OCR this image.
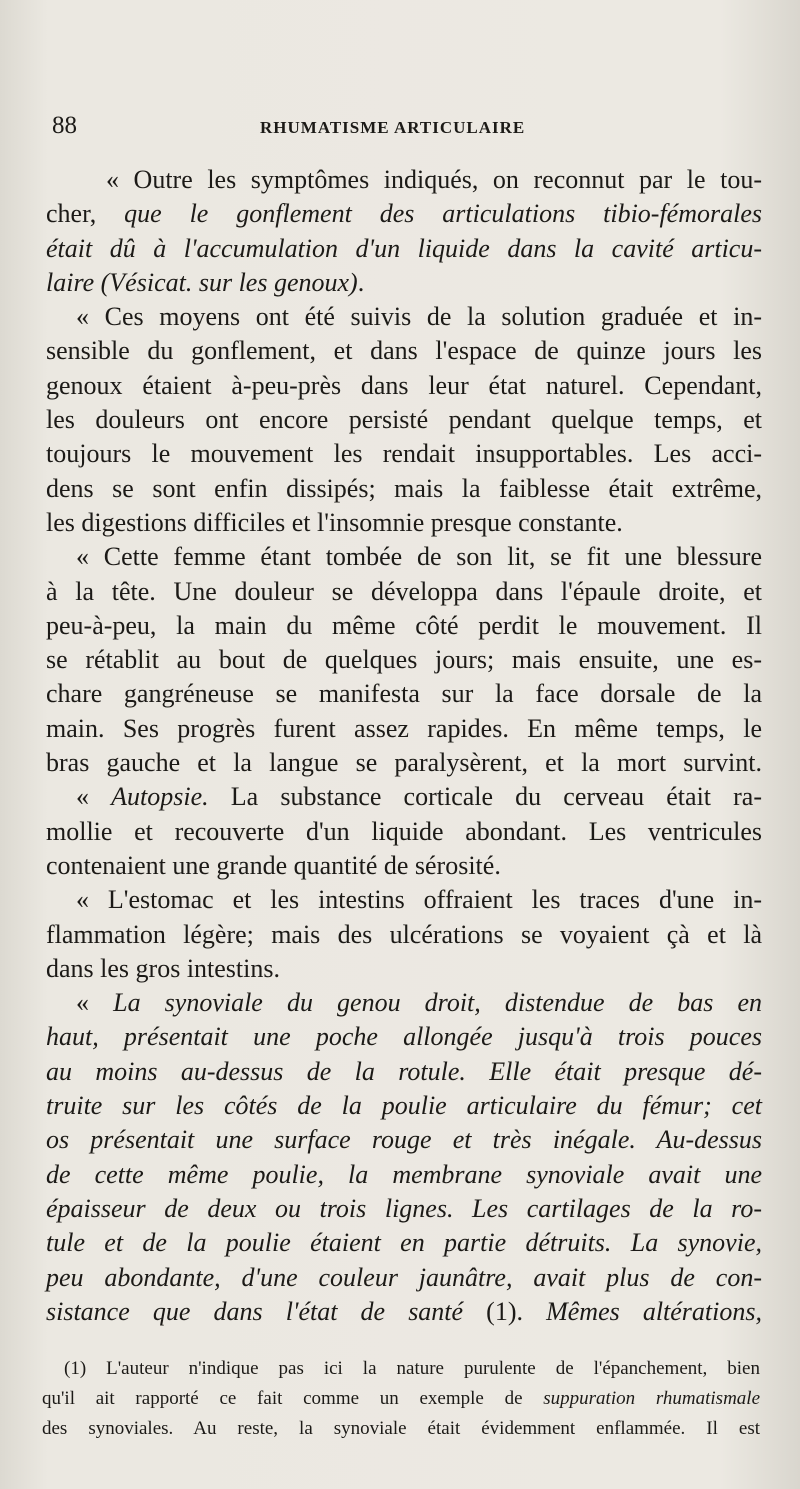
88	RHUMATISME ARTICULAIRE
« Outre les symptômes indiqués, on reconnut par le tou-
cher, que le gonflement des articulations tibio-fémorales
était dû à l'accumulation d'un liquide dans la cavité articu-
laire (Vésicat. sur les genoux).
« Ces moyens ont été suivis de la solution graduée et in-
sensible du gonflement, et dans l'espace de quinze jours les
genoux étaient à-peu-près dans leur état naturel. Cependant,
les douleurs ont encore persisté pendant quelque temps, et
toujours le mouvement les rendait insupportables. Les acci-
dens se sont enfin dissipés; mais la faiblesse était extrême,
les digestions difficiles et l'insomnie presque constante.
« Cette femme étant tombée de son lit, se fit une blessure
à la tête. Une douleur se développa dans l'épaule droite, et
peu-à-peu, la main du même côté perdit le mouvement. Il
se rétablit au bout de quelques jours; mais ensuite, une es-
chare gangréneuse se manifesta sur la face dorsale de la
main. Ses progrès furent assez rapides. En même temps, le
bras gauche et la langue se paralysèrent, et la mort survint.
« Autopsie. La substance corticale du cerveau était ra-
mollie et recouverte d'un liquide abondant. Les ventricules
contenaient une grande quantité de sérosité.
« L'estomac et les intestins offraient les traces d'une in-
flammation légère; mais des ulcérations se voyaient çà et là
dans les gros intestins.
« La synoviale du genou droit, distendue de bas en
haut, présentait une poche allongée jusqu'à trois pouces
au moins au-dessus de la rotule. Elle était presque dé-
truite sur les côtés de la poulie articulaire du fémur; cet
os présentait une surface rouge et très inégale. Au-dessus
de cette même poulie, la membrane synoviale avait une
épaisseur de deux ou trois lignes. Les cartilages de la ro-
tule et de la poulie étaient en partie détruits. La synovie,
peu abondante, d'une couleur jaunâtre, avait plus de con-
sistance que dans l'état de santé (1). Mêmes altérations,
(1) L'auteur n'indique pas ici la nature purulente de l'épanchement, bien
qu'il ait rapporté ce fait comme un exemple de suppuration rhumatismale
des synoviales. Au reste, la synoviale était évidemment enflammée. Il est
